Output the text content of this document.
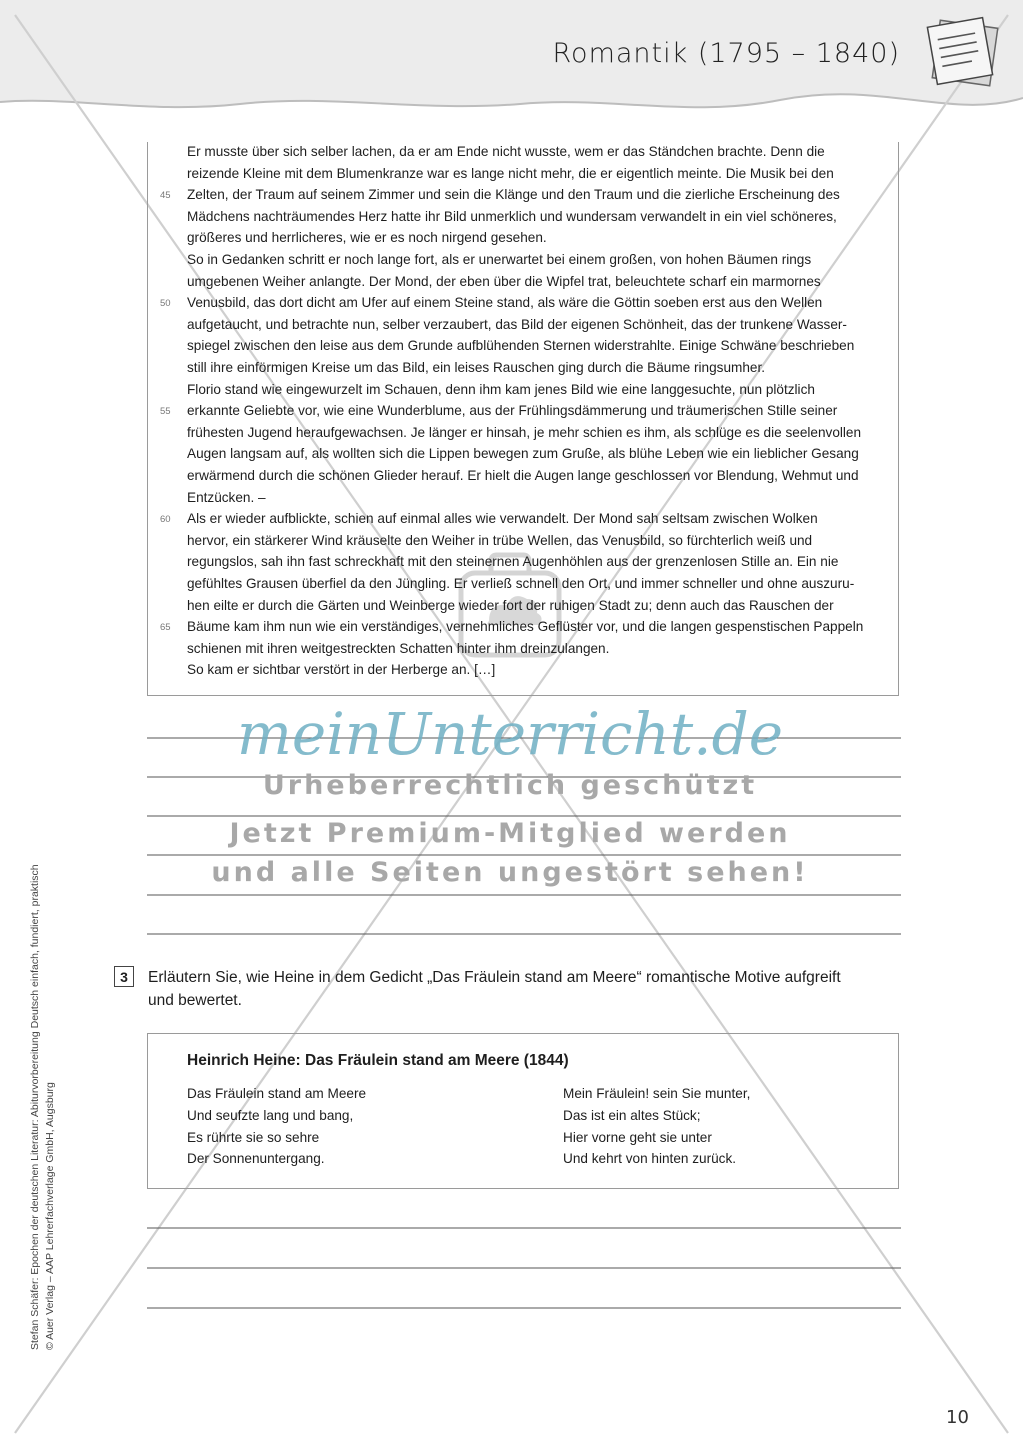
Romantik (1795 – 1840)
Er musste über sich selber lachen, da er am Ende nicht wusste, wem er das Ständchen brachte. Denn die
reizende Kleine mit dem Blumenkranze war es lange nicht mehr, die er eigentlich meinte. Die Musik bei den
Zelten, der Traum auf seinem Zimmer und sein die Klänge und den Traum und die zierliche Erscheinung des
45
Mädchens nachträumendes Herz hatte ihr Bild unmerklich und wundersam verwandelt in ein viel schöneres,
größeres und herrlicheres, wie er es noch nirgend gesehen.
So in Gedanken schritt er noch lange fort, als er unerwartet bei einem großen, von hohen Bäumen rings
umgebenen Weiher anlangte. Der Mond, der eben über die Wipfel trat, beleuchtete scharf ein marmornes
Venusbild, das dort dicht am Ufer auf einem Steine stand, als wäre die Göttin soeben erst aus den Wellen
50
aufgetaucht, und betrachte nun, selber verzaubert, das Bild der eigenen Schönheit, das der trunkene Wasser-
spiegel zwischen den leise aus dem Grunde aufblühenden Sternen widerstrahlte. Einige Schwäne beschrieben
still ihre einförmigen Kreise um das Bild, ein leises Rauschen ging durch die Bäume ringsumher.
Florio stand wie eingewurzelt im Schauen, denn ihm kam jenes Bild wie eine langgesuchte, nun plötzlich
erkannte Geliebte vor, wie eine Wunderblume, aus der Frühlingsdämmerung und träumerischen Stille seiner
55
frühesten Jugend heraufgewachsen. Je länger er hinsah, je mehr schien es ihm, als schlüge es die seelenvollen
Augen langsam auf, als wollten sich die Lippen bewegen zum Gruße, als blühe Leben wie ein lieblicher Gesang
erwärmend durch die schönen Glieder herauf. Er hielt die Augen lange geschlossen vor Blendung, Wehmut und
Entzücken. –
Als er wieder aufblickte, schien auf einmal alles wie verwandelt. Der Mond sah seltsam zwischen Wolken
60
hervor, ein stärkerer Wind kräuselte den Weiher in trübe Wellen, das Venusbild, so fürchterlich weiß und
regungslos, sah ihn fast schreckhaft mit den steinernen Augenhöhlen aus der grenzenlosen Stille an. Ein nie
gefühltes Grausen überfiel da den Jüngling. Er verließ schnell den Ort, und immer schneller und ohne auszuru-
hen eilte er durch die Gärten und Weinberge wieder fort der ruhigen Stadt zu; denn auch das Rauschen der
Bäume kam ihm nun wie ein verständiges, vernehmliches Geflüster vor, und die langen gespenstischen Pappeln
65
schienen mit ihren weitgestreckten Schatten hinter ihm dreinzulangen.
So kam er sichtbar verstört in der Herberge an. […]
meinUnterricht.de
Urheberrechtlich geschützt
Jetzt Premium-Mitglied werden
und alle Seiten ungestört sehen!
3	Erläutern Sie, wie Heine in dem Gedicht „Das Fräulein stand am Meere“ romantische Motive aufgreift
und bewertet.
Heinrich Heine: Das Fräulein stand am Meere (1844)
Das Fräulein stand am Meere
Und seufzte lang und bang,
Es rührte sie so sehre
Der Sonnenuntergang.
Mein Fräulein! sein Sie munter,
Das ist ein altes Stück;
Hier vorne geht sie unter
Und kehrt von hinten zurück.
Stefan Schäfer: Epochen der deutschen Literatur: Abiturvorbereitung Deutsch einfach, fundiert, praktisch © Auer Verlag – AAP Lehrerfachverlage GmbH, Augsburg
10
